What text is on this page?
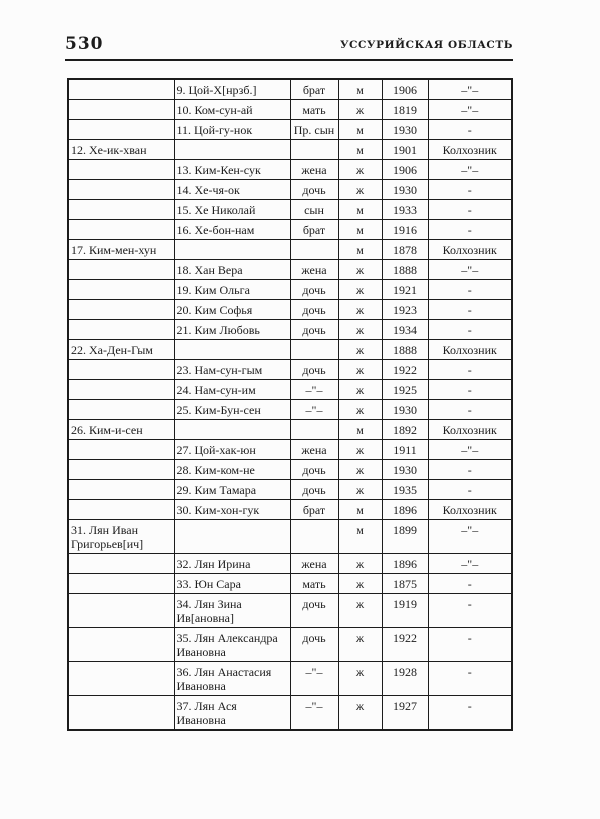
530	УССУРИЙСКАЯ ОБЛАСТЬ
	9. Цой-Х[нрзб.]	брат	м	1906	–"–
	10. Ком-сун-ай	мать	ж	1819	–"–
	11. Цой-гу-нок	Пр. сын	м	1930	-
12. Хе-ик-хван			м	1901	Колхозник
	13. Ким-Кен-сук	жена	ж	1906	–"–
	14. Хе-чя-ок	дочь	ж	1930	-
	15. Хе Николай	сын	м	1933	-
	16. Хе-бон-нам	брат	м	1916	-
17. Ким-мен-хун			м	1878	Колхозник
	18. Хан Вера	жена	ж	1888	–"–
	19. Ким Ольга	дочь	ж	1921	-
	20. Ким Софья	дочь	ж	1923	-
	21. Ким Любовь	дочь	ж	1934	-
22. Ха-Ден-Гым			ж	1888	Колхозник
	23. Нам-сун-гым	дочь	ж	1922	-
	24. Нам-сун-им	–"–	ж	1925	-
	25. Ким-Бун-сен	–"–	ж	1930	-
26. Ким-и-сен			м	1892	Колхозник
	27. Цой-хак-юн	жена	ж	1911	–"–
	28. Ким-ком-не	дочь	ж	1930	-
	29. Ким Тамара	дочь	ж	1935	-
	30. Ким-хон-гук	брат	м	1896	Колхозник
31. Лян Иван Григорьев[ич]			м	1899	–"–
	32. Лян Ирина	жена	ж	1896	–"–
	33. Юн Сара	мать	ж	1875	-
	34. Лян Зина Ив[ановна]	дочь	ж	1919	-
	35. Лян Александра Ивановна	дочь	ж	1922	-
	36. Лян Анастасия Ивановна	–"–	ж	1928	-
	37. Лян Ася Ивановна	–"–	ж	1927	-
